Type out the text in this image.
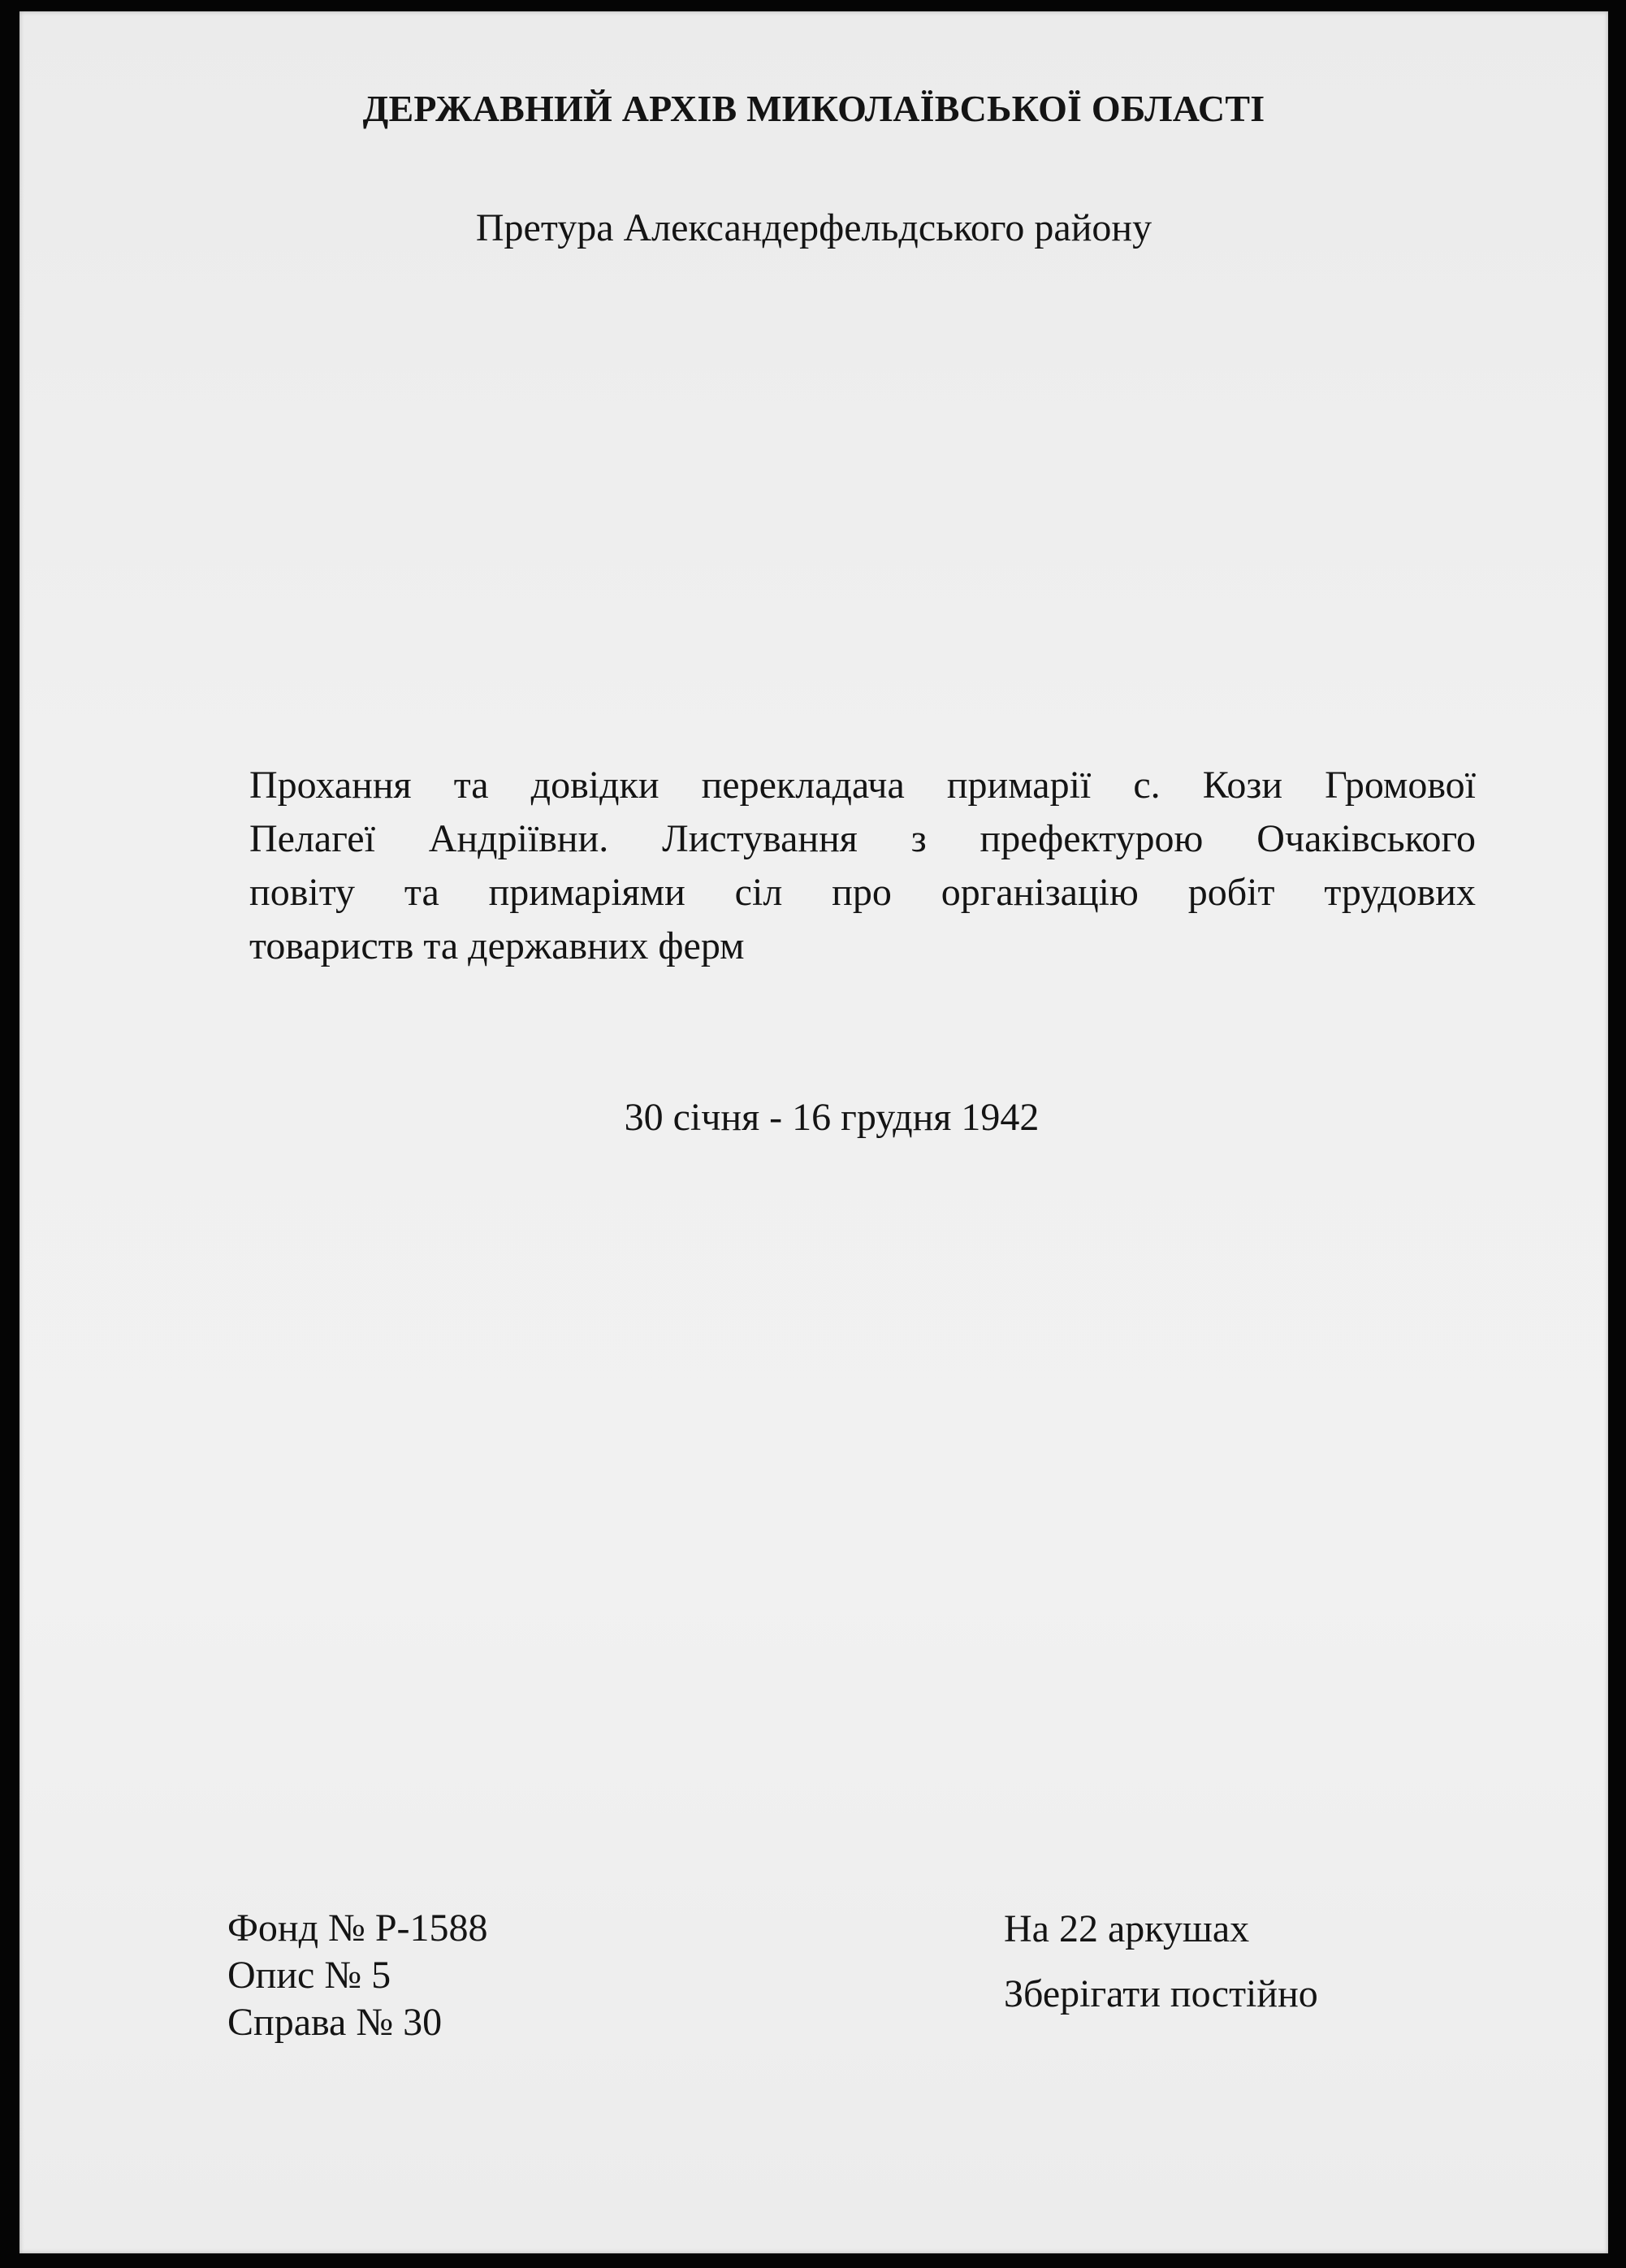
ДЕРЖАВНИЙ АРХІВ МИКОЛАЇВСЬКОЇ ОБЛАСТІ
Претура Александерфельдського району
Прохання та довідки перекладача примарії с. Кози Громової
Пелагеї Андріївни. Листування з префектурою Очаківського
повіту та примаріями сіл про організацію робіт трудових
товариств та державних ферм
30 січня - 16 грудня 1942
Фонд № Р-1588
Опис № 5
Справа № 30
На 22 аркушах
Зберігати постійно
